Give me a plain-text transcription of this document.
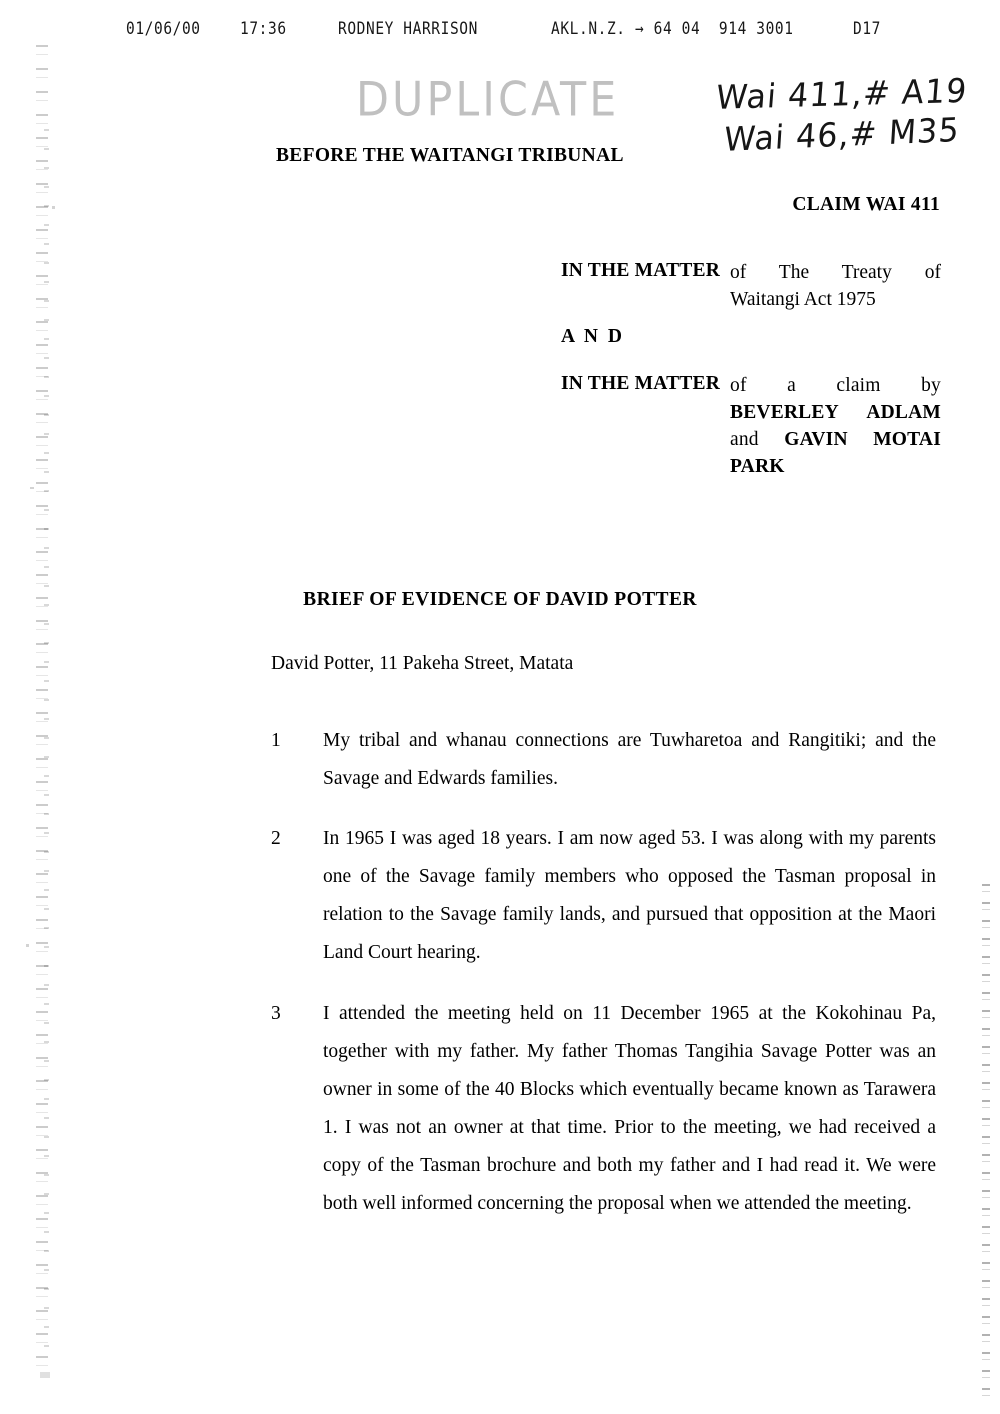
01/06/00	17:36	RODNEY HARRISON	AKL.N.Z. → 64 04  914 3001	D17
DUPLICATE	Wai 411,# A19
Wai 46,# M35
BEFORE THE WAITANGI TRIBUNAL
CLAIM WAI 411
IN THE MATTER of The Treaty of
Waitangi Act 1975
A N D
IN THE MATTER of a claim by
BEVERLEY ADLAM
and GAVIN MOTAI
PARK
BRIEF OF EVIDENCE OF DAVID POTTER
David Potter, 11 Pakeha Street, Matata
1	My tribal and whanau connections are Tuwharetoa and Rangitiki; and the Savage and Edwards families.
2	In 1965 I was aged 18 years. I am now aged 53. I was along with my parents one of the Savage family members who opposed the Tasman proposal in relation to the Savage family lands, and pursued that opposition at the Maori Land Court hearing.
3	I attended the meeting held on 11 December 1965 at the Kokohinau Pa, together with my father. My father Thomas Tangihia Savage Potter was an owner in some of the 40 Blocks which eventually became known as Tarawera 1. I was not an owner at that time. Prior to the meeting, we had received a copy of the Tasman brochure and both my father and I had read it. We were both well informed concerning the proposal when we attended the meeting.
